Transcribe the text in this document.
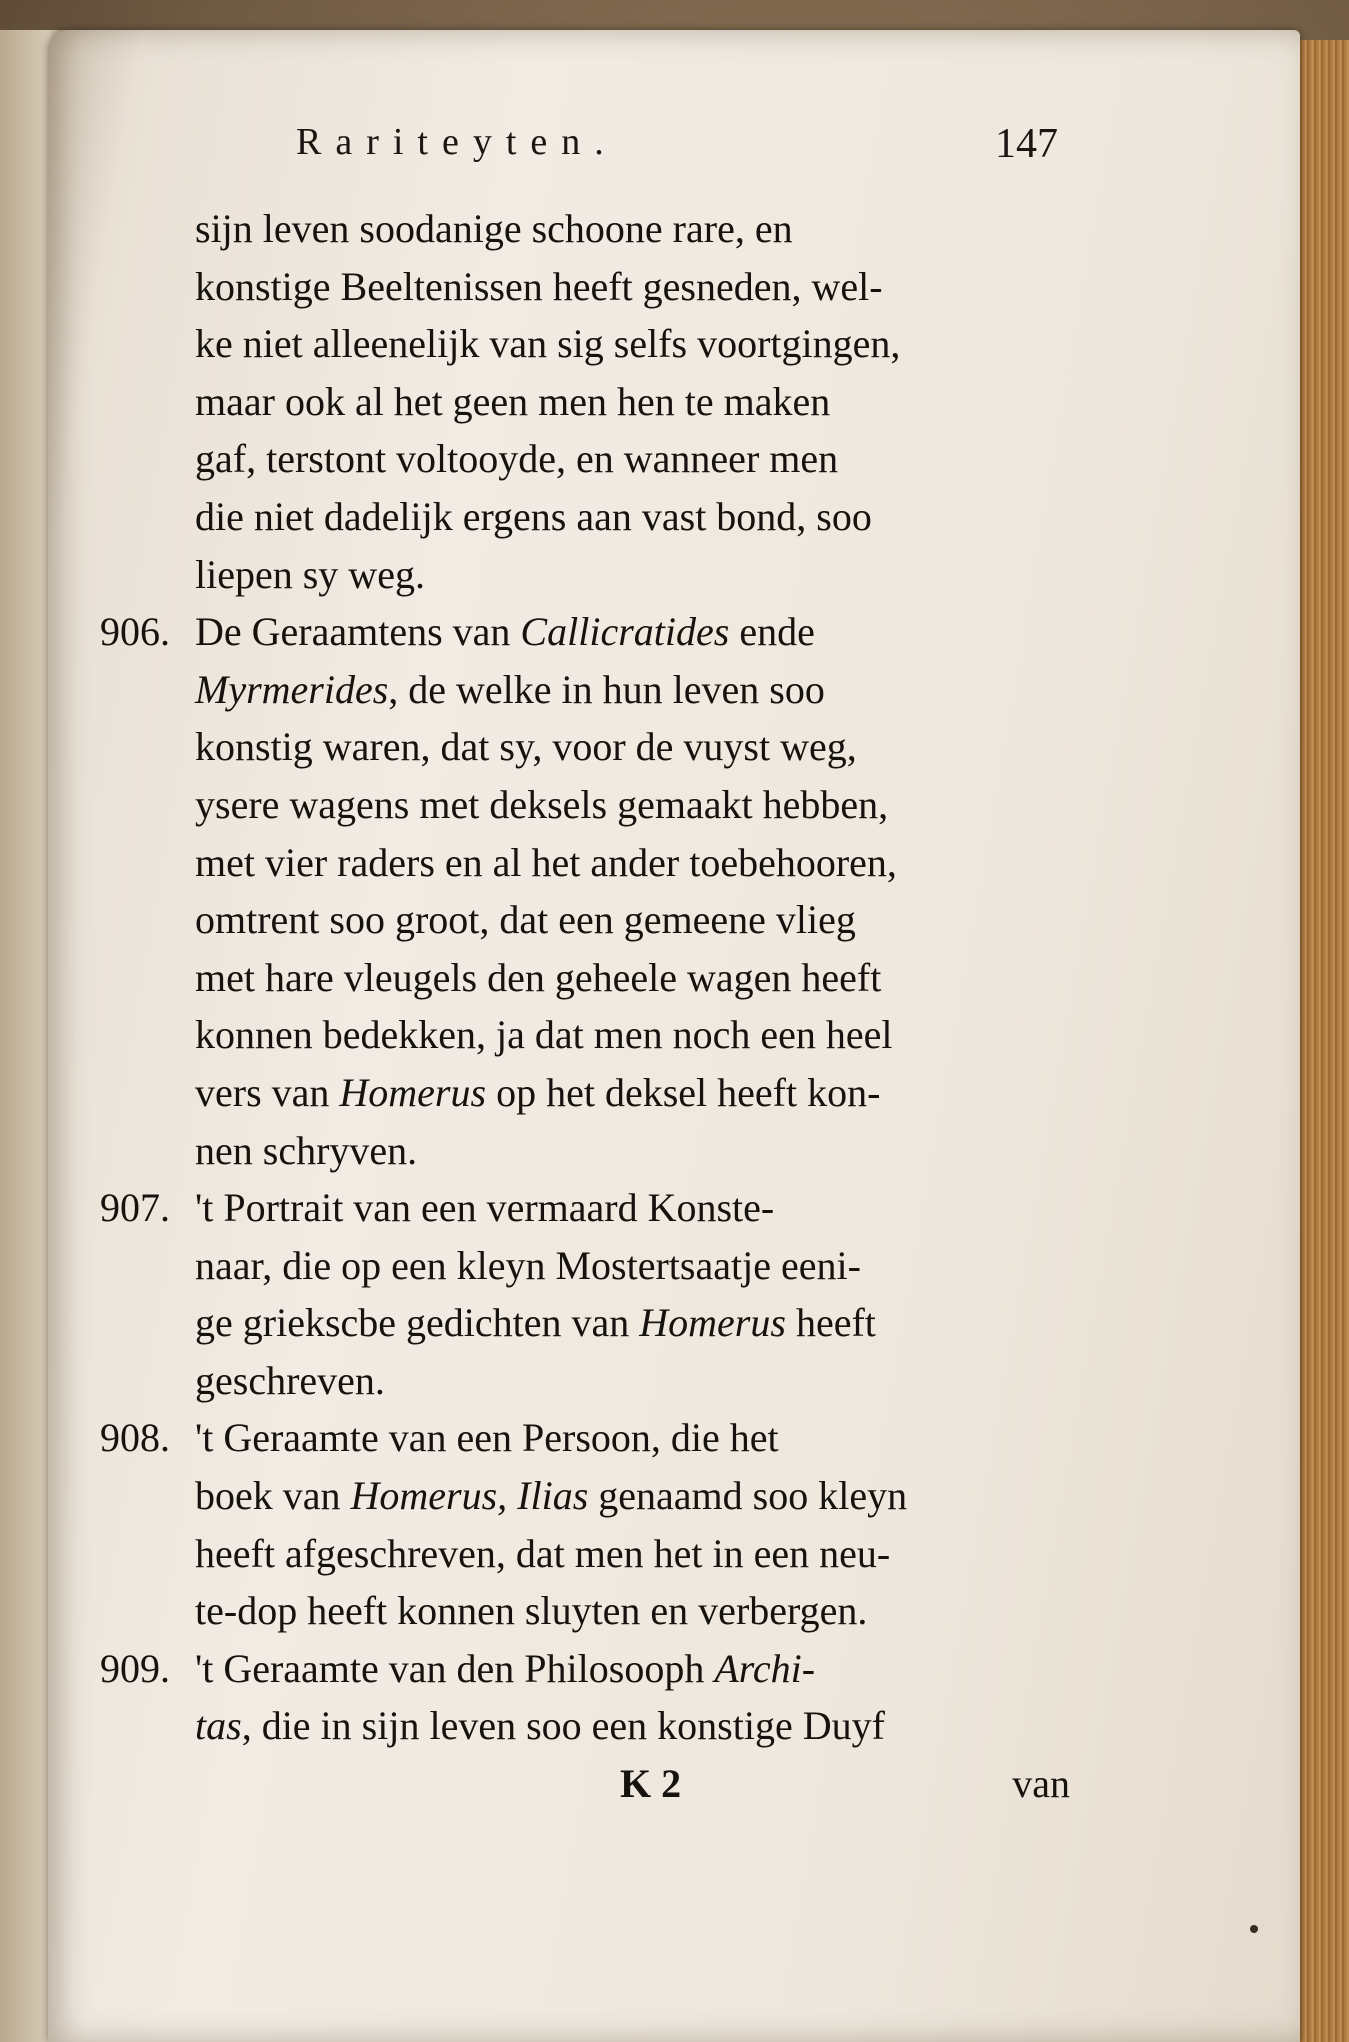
Rariteyten.	147
sijn leven soodanige schoone rare, en
konstige Beeltenissen heeft gesneden, wel-
ke niet alleenelijk van sig selfs voortgingen,
maar ook al het geen men hen te maken
gaf, terstont voltooyde, en wanneer men
die niet dadelijk ergens aan vast bond, soo
liepen sy weg.
906. De Geraamtens van Callicratides ende
Myrmerides, de welke in hun leven soo
konstig waren, dat sy, voor de vuyst weg,
ysere wagens met deksels gemaakt hebben,
met vier raders en al het ander toebehooren,
omtrent soo groot, dat een gemeene vlieg
met hare vleugels den geheele wagen heeft
konnen bedekken, ja dat men noch een heel
vers van Homerus op het deksel heeft kon-
nen schryven.
907. 't Portrait van een vermaard Konste-
naar, die op een kleyn Mostertsaatje eeni-
ge griekscbe gedichten van Homerus heeft
geschreven.
908. 't Geraamte van een Persoon, die het
boek van Homerus, Ilias genaamd soo kleyn
heeft afgeschreven, dat men het in een neu-
te-dop heeft konnen sluyten en verbergen.
909. 't Geraamte van den Philosooph Archi-
tas, die in sijn leven soo een konstige Duyf
K 2	van
